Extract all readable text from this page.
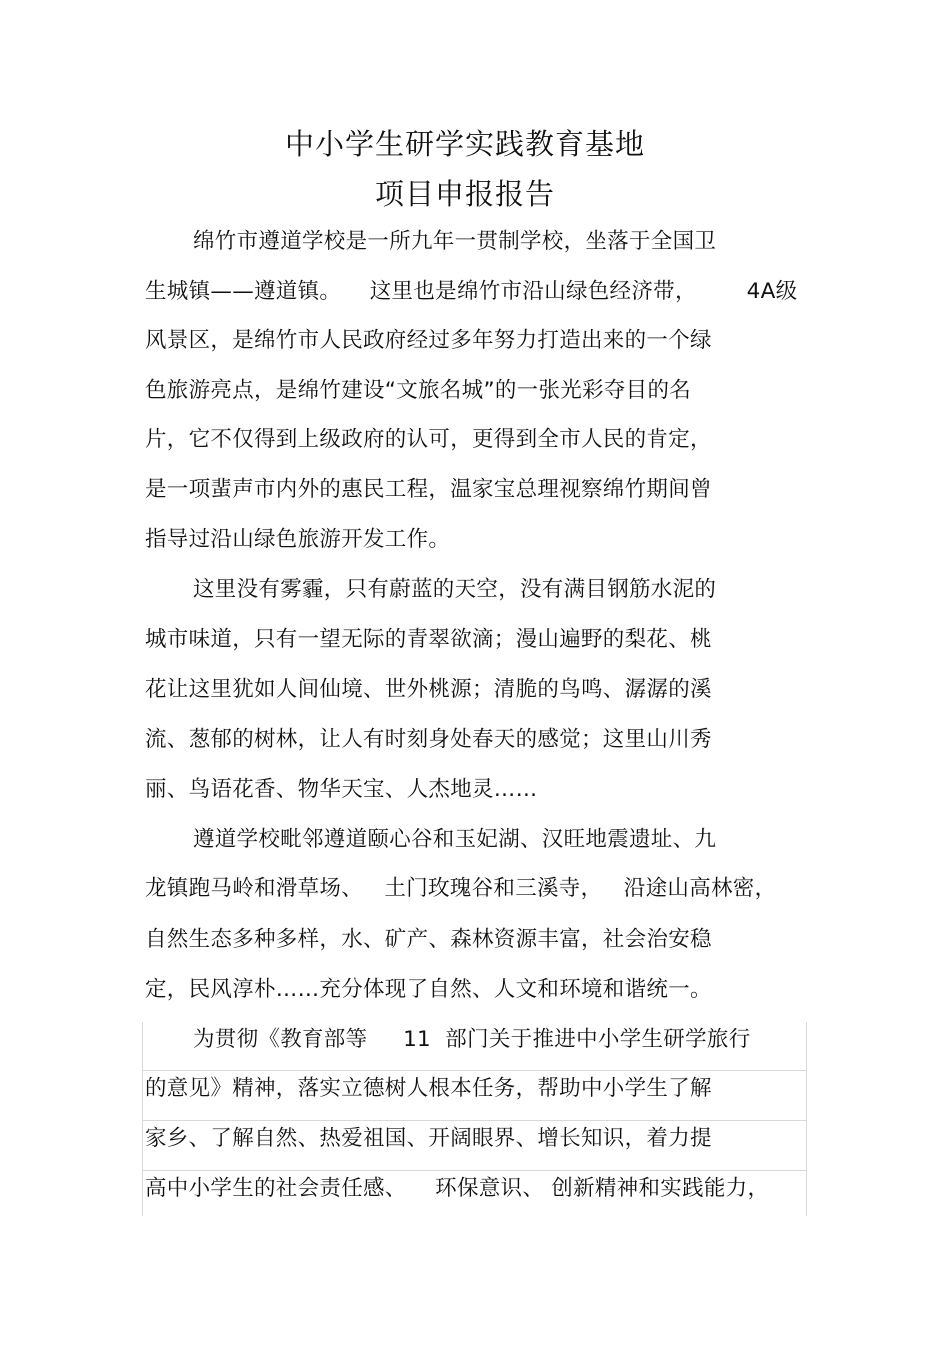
中小学生研学实践教育基地
项目申报报告
绵竹市遵道学校是一所九年一贯制学校，坐落于全国卫
生城镇——遵道镇。    这里也是绵竹市沿山绿色经济带，       4A级
风景区，是绵竹市人民政府经过多年努力打造出来的一个绿
色旅游亮点，是绵竹建设“文旅名城”的一张光彩夺目的名
片，它不仅得到上级政府的认可，更得到全市人民的肯定，
是一项蜚声市内外的惠民工程，温家宝总理视察绵竹期间曾
指导过沿山绿色旅游开发工作。
这里没有雾霾，只有蔚蓝的天空，没有满目钢筋水泥的
城市味道，只有一望无际的青翠欲滴；漫山遍野的梨花、桃
花让这里犹如人间仙境、世外桃源；清脆的鸟鸣、潺潺的溪
流、葱郁的树林，让人有时刻身处春天的感觉；这里山川秀
丽、鸟语花香、物华天宝、人杰地灵……
遵道学校毗邻遵道颐心谷和玉妃湖、汉旺地震遗址、九
龙镇跑马岭和滑草场、   土门玫瑰谷和三溪寺，   沿途山高林密，
自然生态多种多样，水、矿产、森林资源丰富，社会治安稳
定，民风淳朴……充分体现了自然、人文和环境和谐统一。
为贯彻《教育部等     11  部门关于推进中小学生研学旅行
的意见》精神，落实立德树人根本任务，帮助中小学生了解
家乡、了解自然、热爱祖国、开阔眼界、增长知识，着力提
高中小学生的社会责任感、    环保意识、 创新精神和实践能力，
